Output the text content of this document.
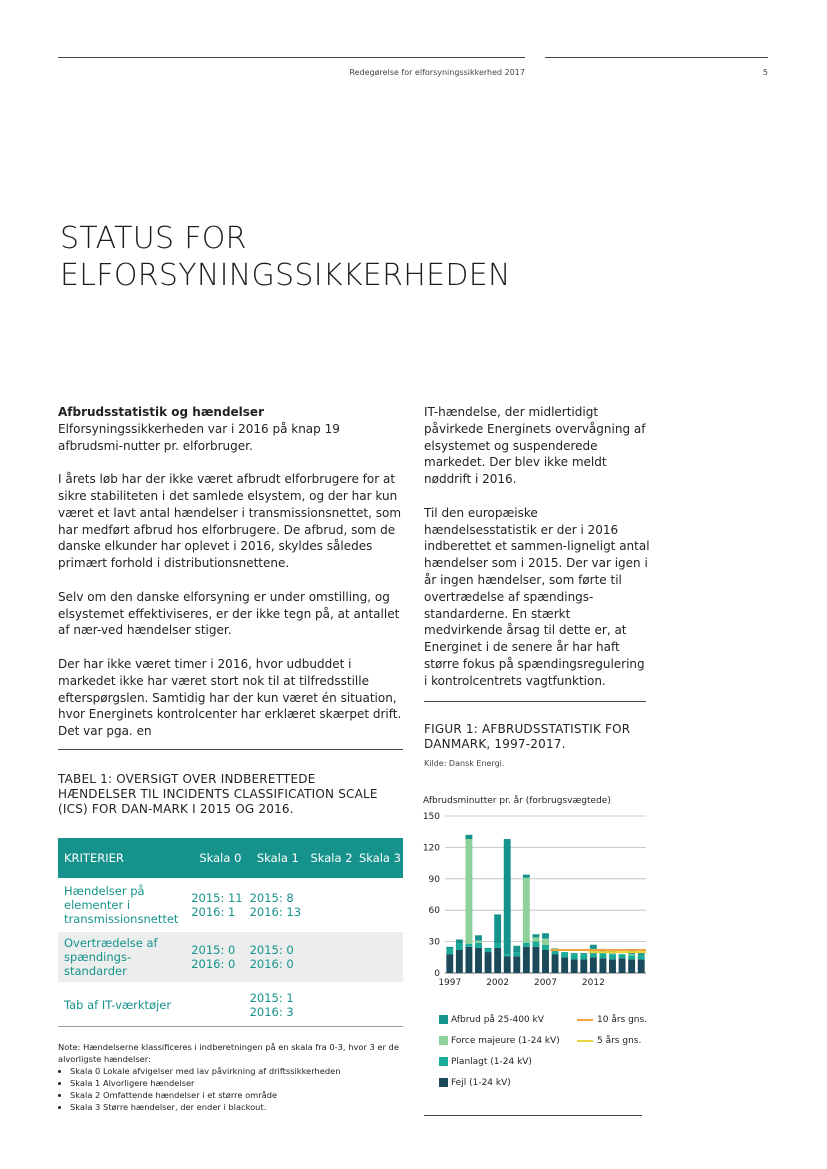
Redegørelse for elforsyningssikkerhed 2017	5
STATUS FOR
ELFORSYNINGSSIKKERHEDEN

Afbrudsstatistik og hændelser
Elforsyningssikkerheden var i 2016 på knap 19 afbrudsmi-nutter pr. elforbruger.

I årets løb har der ikke været afbrudt elforbrugere for at sikre stabiliteten i det samlede elsystem, og der har kun været et lavt antal hændelser i transmissionsnettet, som har medført afbrud hos elforbrugere. De afbrud, som de danske elkunder har oplevet i 2016, skyldes således primært forhold i distributionsnettene.

Selv om den danske elforsyning er under omstilling, og elsystemet effektiviseres, er der ikke tegn på, at antallet af nær-ved hændelser stiger.

Der har ikke været timer i 2016, hvor udbuddet i markedet ikke har været stort nok til at tilfredsstille efterspørgslen. Samtidig har der kun været én situation, hvor Energinets kontrolcenter har erklæret skærpet drift. Det var pga. en

IT-hændelse, der midlertidigt påvirkede Energinets overvågning af elsystemet og suspenderede markedet. Der blev ikke meldt nøddrift i 2016.

Til den europæiske hændelsesstatistik er der i 2016 indberettet et sammen-ligneligt antal hændelser som i 2015. Der var igen i år ingen hændelser, som førte til overtrædelse af spændings-standarderne. En stærkt medvirkende årsag til dette er, at Energinet i de senere år har haft større fokus på spændingsregulering i kontrolcentrets vagtfunktion.

TABEL 1: OVERSIGT OVER INDBERETTEDE HÆNDELSER TIL INCIDENTS CLASSIFICATION SCALE (ICS) FOR DAN-MARK I 2015 OG 2016.
KRITERIER	Skala 0	Skala 1	Skala 2	Skala 3
Hændelser på elementer i transmissionsnettet	2015: 11 2016: 1	2015: 8 2016: 13		
Overtrædelse af spændings-standarder	2015: 0 2016: 0	2015: 0 2016: 0		
Tab af IT-værktøjer		2015: 1 2016: 3		
Note: Hændelserne klassificeres i indberetningen på en skala fra 0-3, hvor 3 er de alvorligste hændelser:
• Skala 0 Lokale afvigelser med lav påvirkning af driftssikkerheden
• Skala 1 Alvorligere hændelser
• Skala 2 Omfattende hændelser i et større område
• Skala 3 Større hændelser, der ender i blackout.
FIGUR 1: AFBRUDSSTATISTIK FOR
DANMARK, 1997-2017.
Kilde: Dansk Energi.
Afbrudsminutter pr. år (forbrugsvægtede)
0
30
60
90
120
150
1997	2002	2007	2012
Afbrud på 25-400 kV	10 års gns.
Force majeure (1-24 kV)	5 års gns.
Planlagt (1-24 kV)
Fejl (1-24 kV)
